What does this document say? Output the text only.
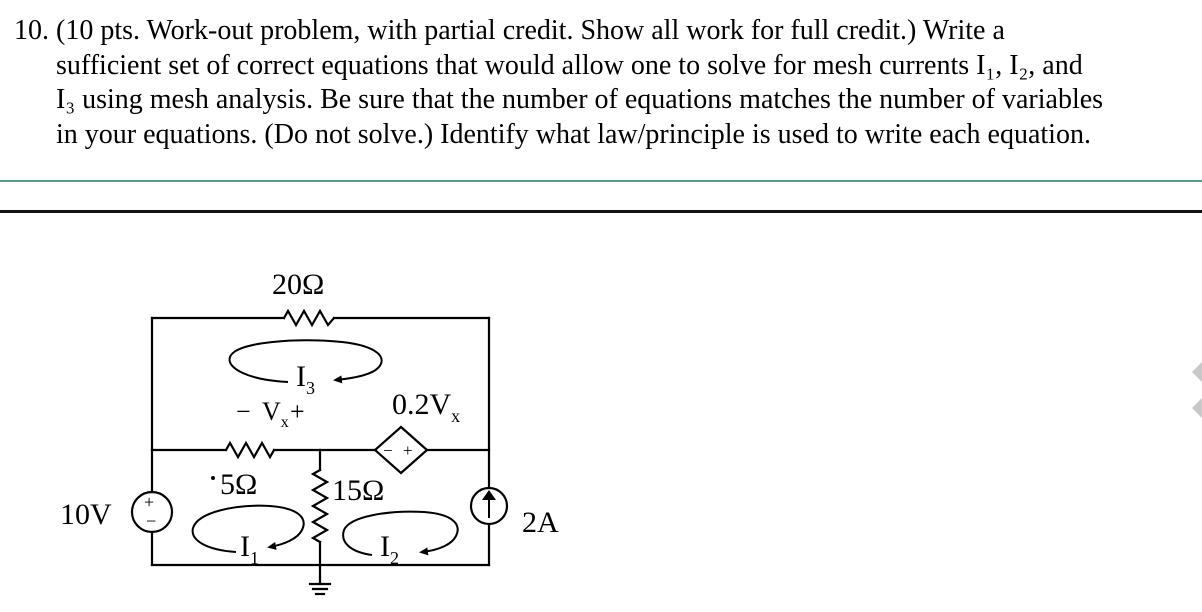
10. (10 pts. Work-out problem, with partial credit. Show all work for full credit.) Write a
sufficient set of correct equations that would allow one to solve for mesh currents I₁, I₂, and
I₃ using mesh analysis. Be sure that the number of equations matches the number of variables
in your equations. (Do not solve.) Identify what law/principle is used to write each equation.
20Ω
5Ω 15Ω
10V +
−	2A
$0.2V_x$
− +
− $V_x$ +
$I_3$
$I_1$	$I_2$
